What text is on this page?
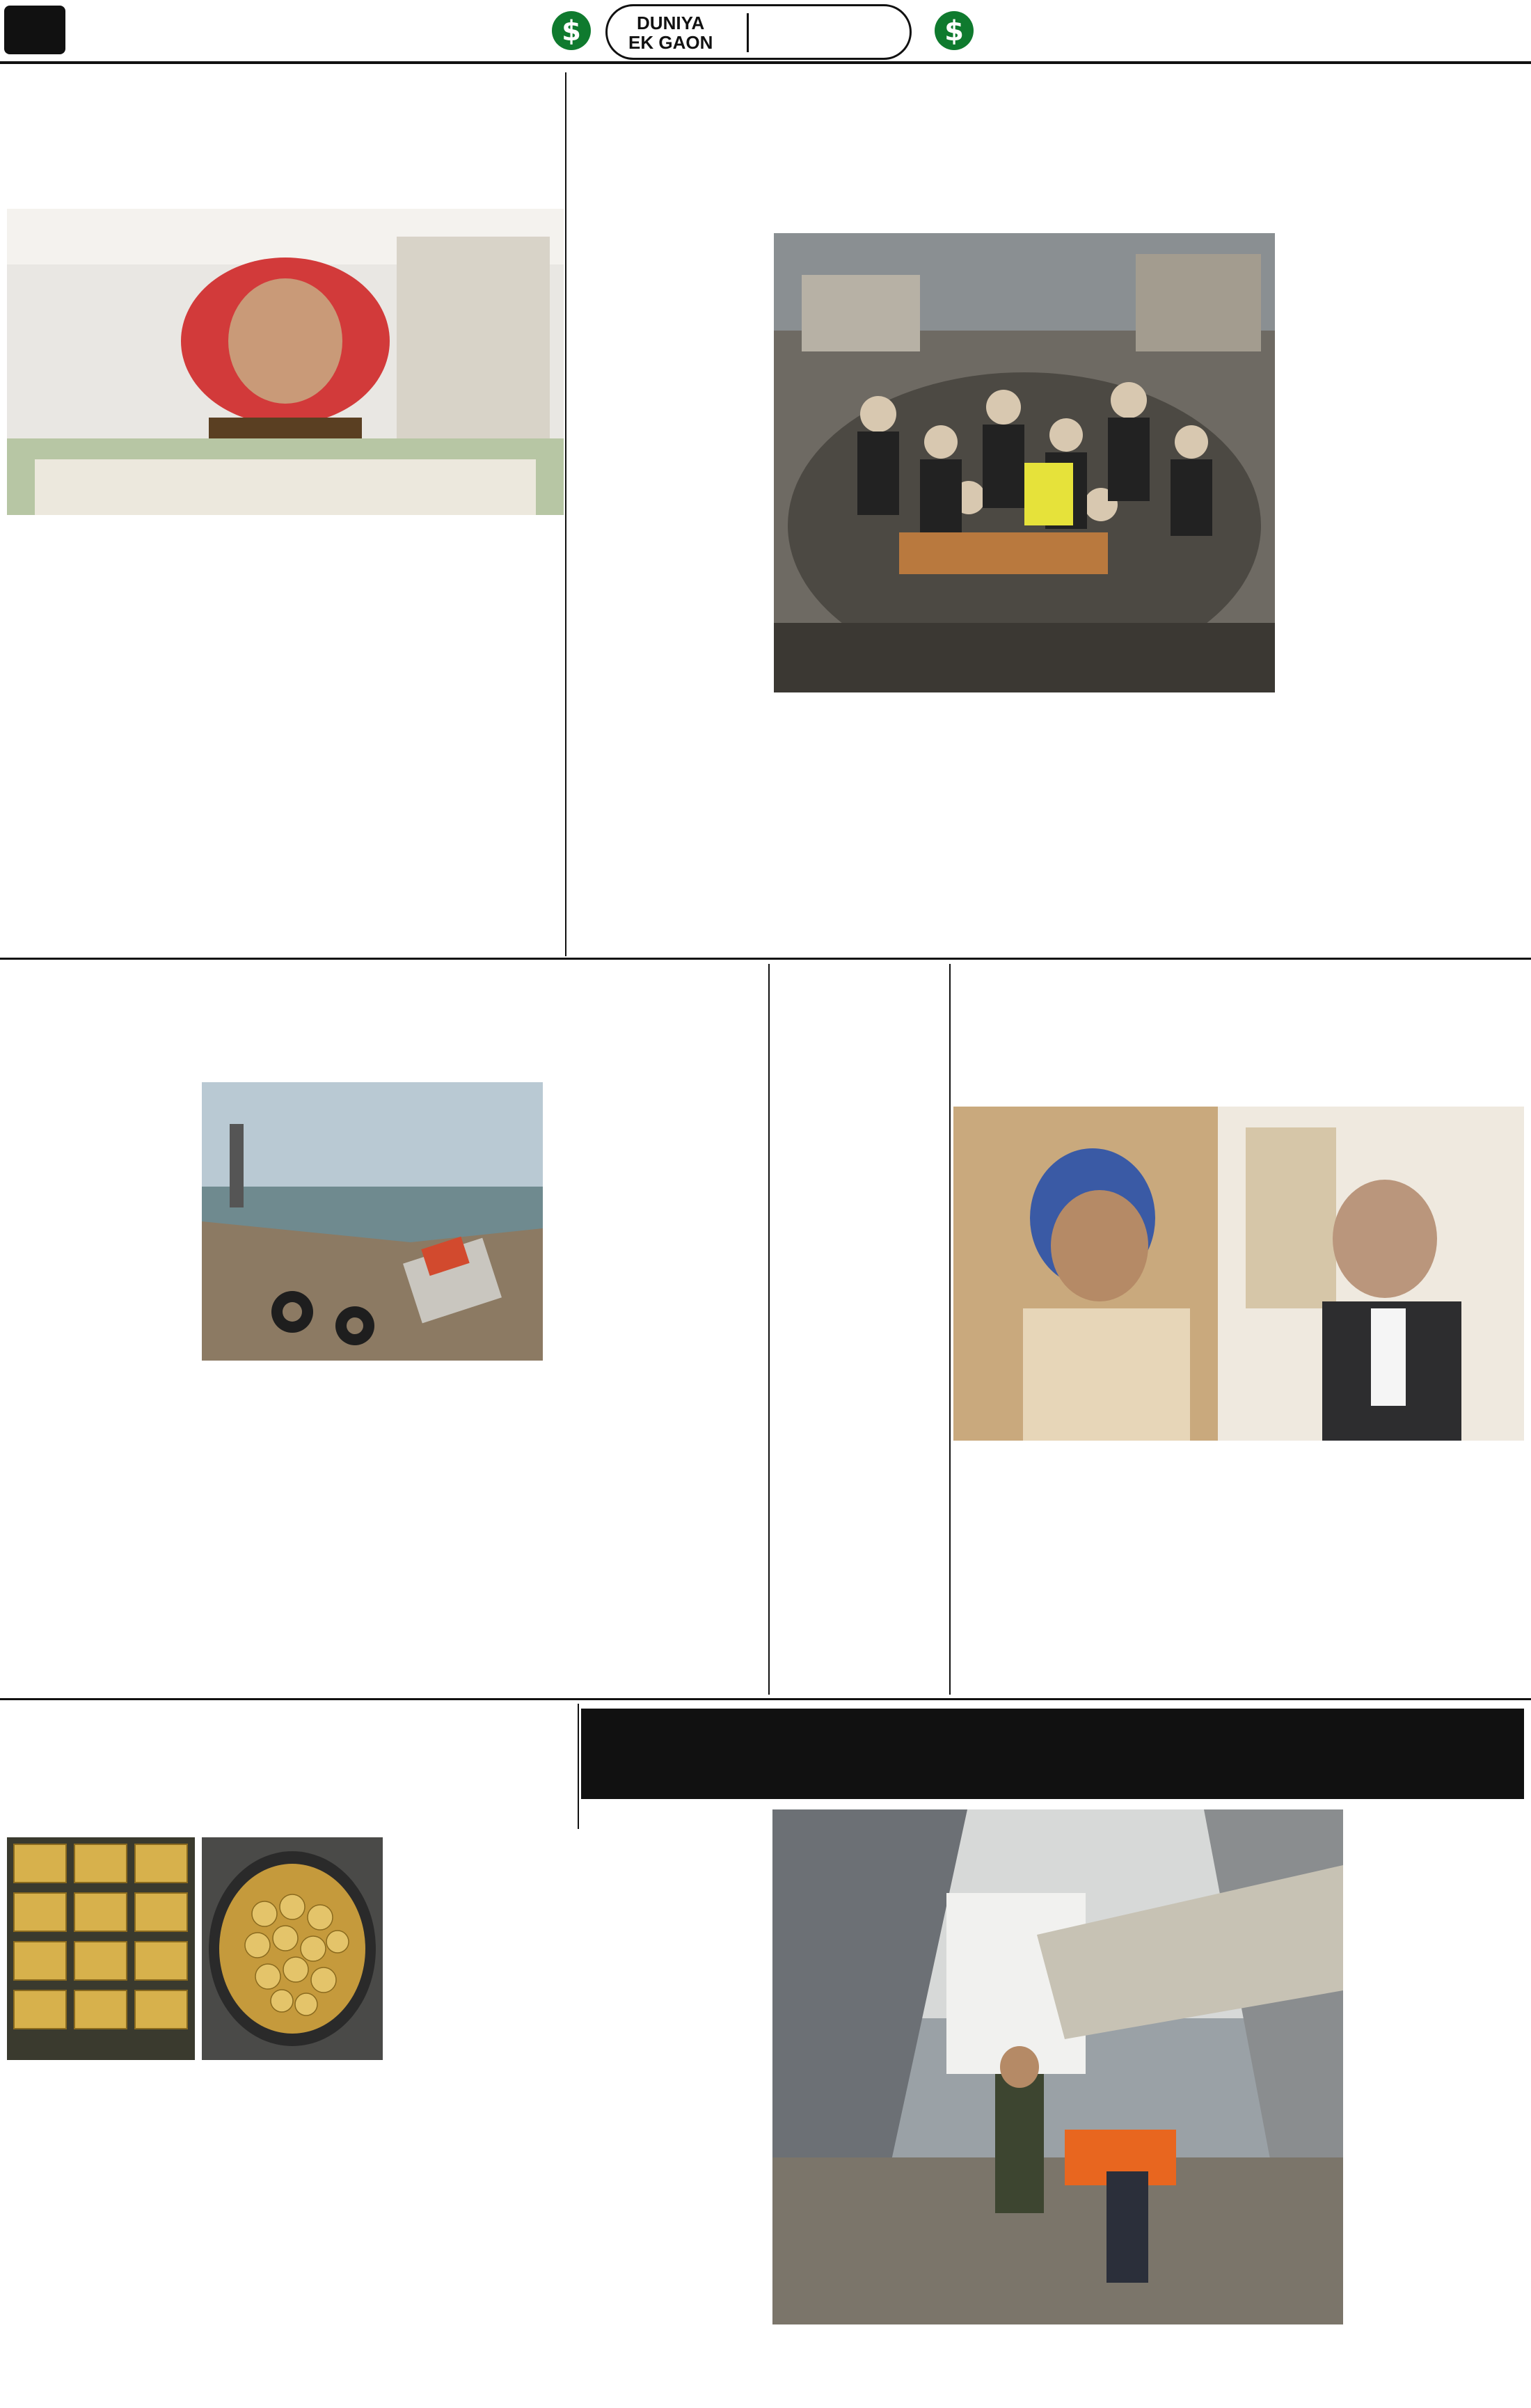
$	DUNIYA
EK GAON	$
